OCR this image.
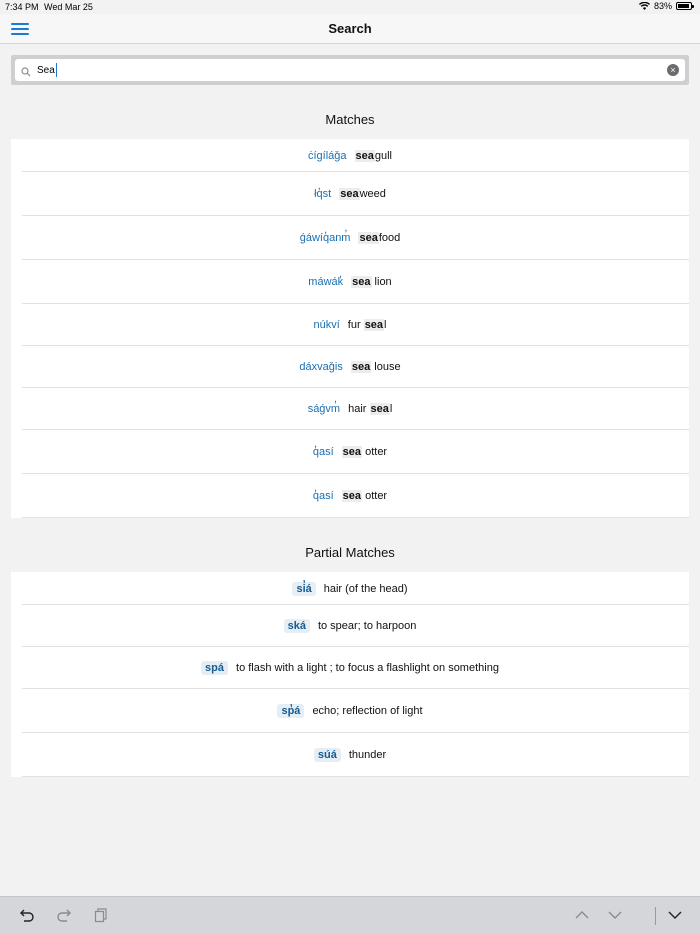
7:34 PM Wed Mar 25	83%
Search
Sea
×
Matches
ċígíláǧa seagull
łq̓st seaweed
ǵáwíq̓anm̓ seafood
máwák̓ sea lion
núkví fur seal
dáxvaǧis sea louse
sáǵvm̓ hair seal
q̓así sea otter
q̓así sea otter
Partial Matches
si̓á	hair (of the head)
ská	to spear; to harpoon
spá	to flash with a light ; to focus a flashlight on something
sp̓á	echo; reflection of light
súá	thunder
